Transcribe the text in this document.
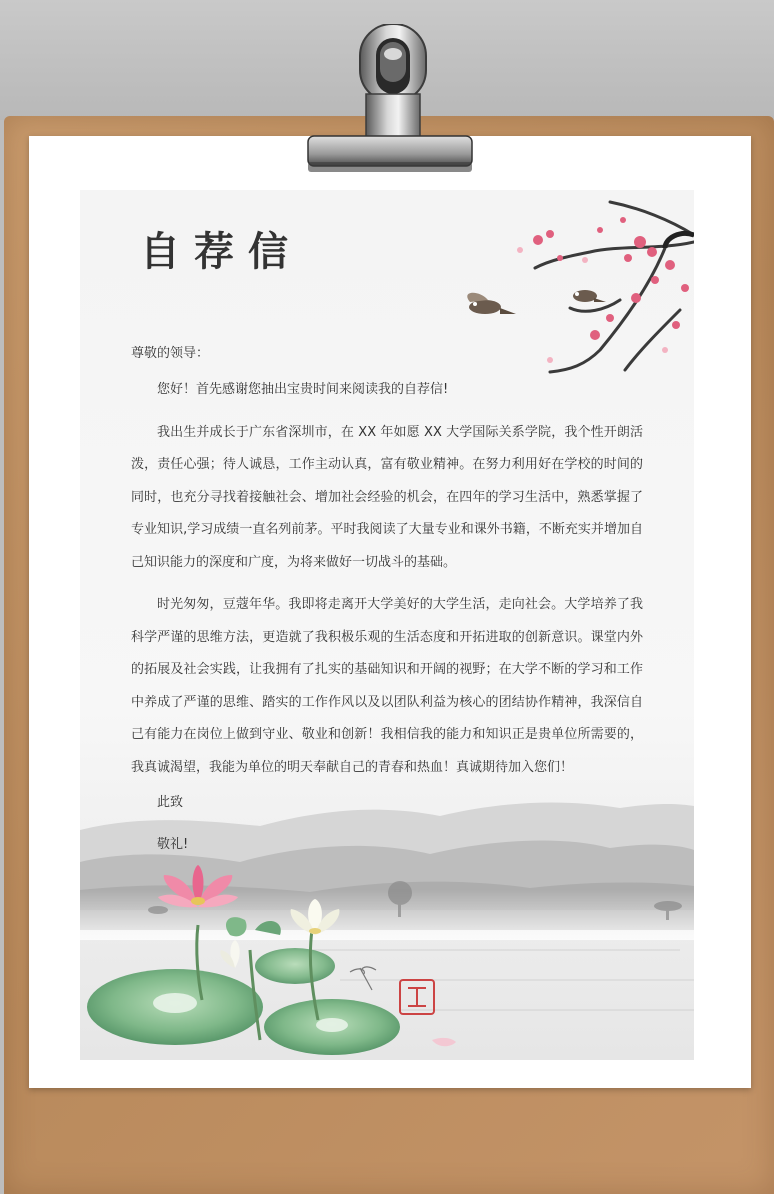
自荐信

尊敬的领导：

您好！首先感谢您抽出宝贵时间来阅读我的自荐信!

我出生并成长于广东省深圳市，在 XX 年如愿 XX 大学国际关系学院，我个性开朗活泼，责任心强；待人诚恳，工作主动认真，富有敬业精神。在努力利用好在学校的时间的同时，也充分寻找着接触社会、增加社会经验的机会，在四年的学习生活中，熟悉掌握了专业知识,学习成绩一直名列前茅。平时我阅读了大量专业和课外书籍，不断充实并增加自己知识能力的深度和广度，为将来做好一切战斗的基础。

时光匆匆，豆蔻年华。我即将走离开大学美好的大学生活，走向社会。大学培养了我科学严谨的思维方法，更造就了我积极乐观的生活态度和开拓进取的创新意识。课堂内外的拓展及社会实践，让我拥有了扎实的基础知识和开阔的视野；在大学不断的学习和工作中养成了严谨的思维、踏实的工作作风以及以团队利益为核心的团结协作精神，我深信自己有能力在岗位上做到守业、敬业和创新！我相信我的能力和知识正是贵单位所需要的，我真诚渴望，我能为单位的明天奉献自己的青春和热血！真诚期待加入您们！

此致

敬礼!
